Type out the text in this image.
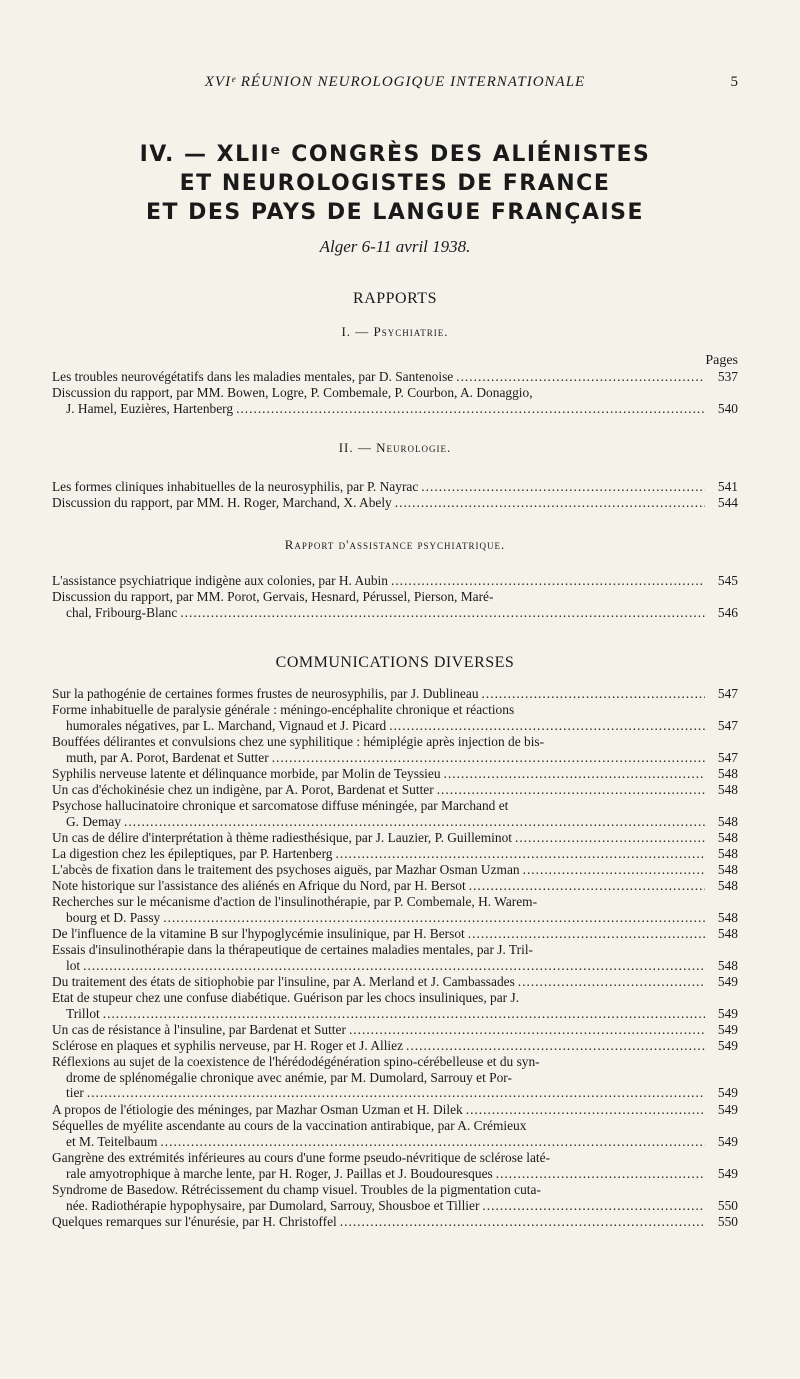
XVIᵉ RÉUNION NEUROLOGIQUE INTERNATIONALE	5
IV. — XLIIᵉ CONGRÈS DES ALIÉNISTES
ET NEUROLOGISTES DE FRANCE
ET DES PAYS DE LANGUE FRANÇAISE
Alger 6-11 avril 1938.
RAPPORTS
I. — Psychiatrie.
Pages
Les troubles neurovégétatifs dans les maladies mentales, par D. Santenoise .....	537
Discussion du rapport, par MM. Bowen, Logre, P. Combemale, P. Courbon, A. Donaggio,
J. Hamel, Euzières, Hartenberg .....	540
II. — Neurologie.
Les formes cliniques inhabituelles de la neurosyphilis, par P. Nayrac .....	541
Discussion du rapport, par MM. H. Roger, Marchand, X. Abely .....	544
Rapport d'assistance psychiatrique.
L'assistance psychiatrique indigène aux colonies, par H. Aubin .....	545
Discussion du rapport, par MM. Porot, Gervais, Hesnard, Pérussel, Pierson, Maré-
chal, Fribourg-Blanc .....	546
COMMUNICATIONS DIVERSES
Sur la pathogénie de certaines formes frustes de neurosyphilis, par J. Dublineau .....	547
Forme inhabituelle de paralysie générale : méningo-encéphalite chronique et réactions
humorales négatives, par L. Marchand, Vignaud et J. Picard .....	547
Bouffées délirantes et convulsions chez une syphilitique : hémiplégie après injection de bis-
muth, par A. Porot, Bardenat et Sutter .....	547
Syphilis nerveuse latente et délinquance morbide, par Molin de Teyssieu .....	548
Un cas d'échokinésie chez un indigène, par A. Porot, Bardenat et Sutter .....	548
Psychose hallucinatoire chronique et sarcomatose diffuse méningée, par Marchand et
G. Demay .....	548
Un cas de délire d'interprétation à thème radiesthésique, par J. Lauzier, P. Guilleminot .....	548
La digestion chez les épileptiques, par P. Hartenberg .....	548
L'abcès de fixation dans le traitement des psychoses aiguës, par Mazhar Osman Uzman .....	548
Note historique sur l'assistance des aliénés en Afrique du Nord, par H. Bersot .....	548
Recherches sur le mécanisme d'action de l'insulinothérapie, par P. Combemale, H. Warem-
bourg et D. Passy .....	548
De l'influence de la vitamine B sur l'hypoglycémie insulinique, par H. Bersot .....	548
Essais d'insulinothérapie dans la thérapeutique de certaines maladies mentales, par J. Tril-
lot .....	548
Du traitement des états de sitiophobie par l'insuline, par A. Merland et J. Cambassades .....	549
Etat de stupeur chez une confuse diabétique. Guérison par les chocs insuliniques, par J.
Trillot .....	549
Un cas de résistance à l'insuline, par Bardenat et Sutter .....	549
Sclérose en plaques et syphilis nerveuse, par H. Roger et J. Alliez .....	549
Réflexions au sujet de la coexistence de l'hérédodégénération spino-cérébelleuse et du syn-
drome de splénomégalie chronique avec anémie, par M. Dumolard, Sarrouy et Por-
tier .....	549
A propos de l'étiologie des méninges, par Mazhar Osman Uzman et H. Dilek .....	549
Séquelles de myélite ascendante au cours de la vaccination antirabique, par A. Crémieux
et M. Teitelbaum .....	549
Gangrène des extrémités inférieures au cours d'une forme pseudo-névritique de sclérose laté-
rale amyotrophique à marche lente, par H. Roger, J. Paillas et J. Boudouresques .....	549
Syndrome de Basedow. Rétrécissement du champ visuel. Troubles de la pigmentation cuta-
née. Radiothérapie hypophysaire, par Dumolard, Sarrouy, Shousboe et Tillier .....	550
Quelques remarques sur l'énurésie, par H. Christoffel .....	550
